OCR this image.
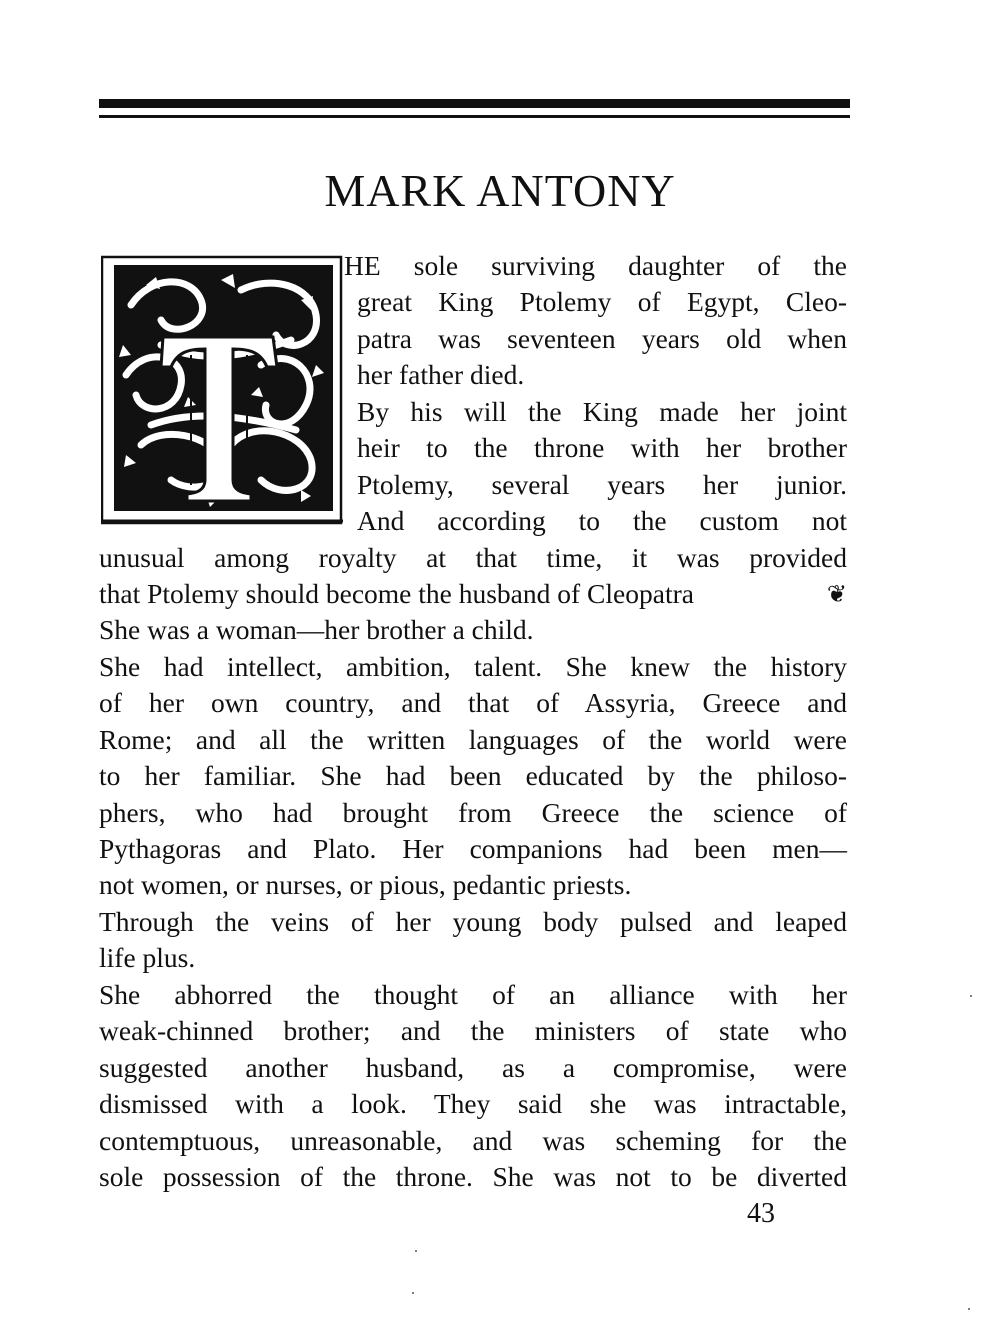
MARK ANTONY
T
HE sole surviving daughter of the
great King Ptolemy of Egypt, Cleo-
patra was seventeen years old when
her father died.
By his will the King made her joint
heir to the throne with her brother
Ptolemy, several years her junior.
And according to the custom not
unusual among royalty at that time, it was provided
that Ptolemy should become the husband of Cleopatra	❦
She was a woman—her brother a child.
She had intellect, ambition, talent. She knew the history
of her own country, and that of Assyria, Greece and
Rome; and all the written languages of the world were
to her familiar. She had been educated by the philoso-
phers, who had brought from Greece the science of
Pythagoras and Plato. Her companions had been men—
not women, or nurses, or pious, pedantic priests.
Through the veins of her young body pulsed and leaped
life plus.
She abhorred the thought of an alliance with her
weak-chinned brother; and the ministers of state who
suggested another husband, as a compromise, were
dismissed with a look. They said she was intractable,
contemptuous, unreasonable, and was scheming for the
sole possession of the throne. She was not to be diverted
43
